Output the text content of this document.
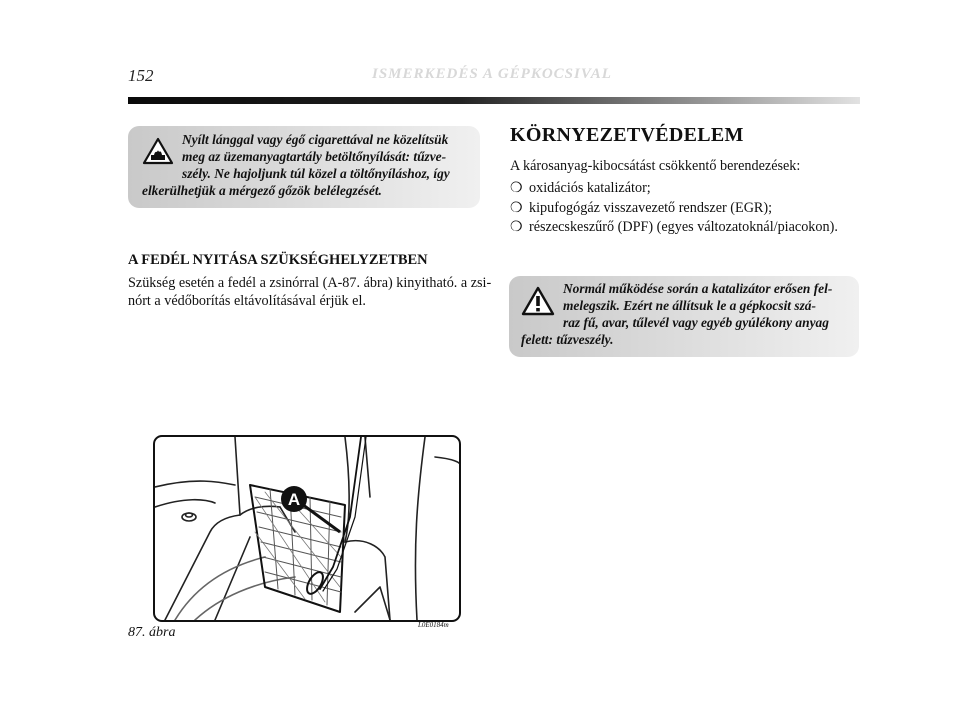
152	ISMERKEDÉS A GÉPKOCSIVAL
Nyílt lánggal vagy égő cigarettával ne közelítsük
meg az üzemanyagtartály betöltőnyílását: tűzve-
szély. Ne hajoljunk túl közel a töltőnyíláshoz, így
elkerülhetjük a mérgező gőzök belélegzését.
A FEDÉL NYITÁSA SZÜKSÉGHELYZETBEN
Szükség esetén a fedél a zsinórral (A-87. ábra) kinyitható. a zsi-
nórt a védőborítás eltávolításával érjük el.
KÖRNYEZETVÉDELEM
A károsanyag-kibocsátást csökkentő berendezések:
❍ oxidációs katalizátor;
❍ kipufogógáz visszavezető rendszer (EGR);
❍ részecskeszűrő (DPF) (egyes változatoknál/piacokon).
Normál működése során a katalizátor erősen fel-
melegszik. Ezért ne állítsuk le a gépkocsit szá-
raz fű, avar, tűlevél vagy egyéb gyúlékony anyag
felett: tűzveszély.
A
87. ábra	L0E0184m
